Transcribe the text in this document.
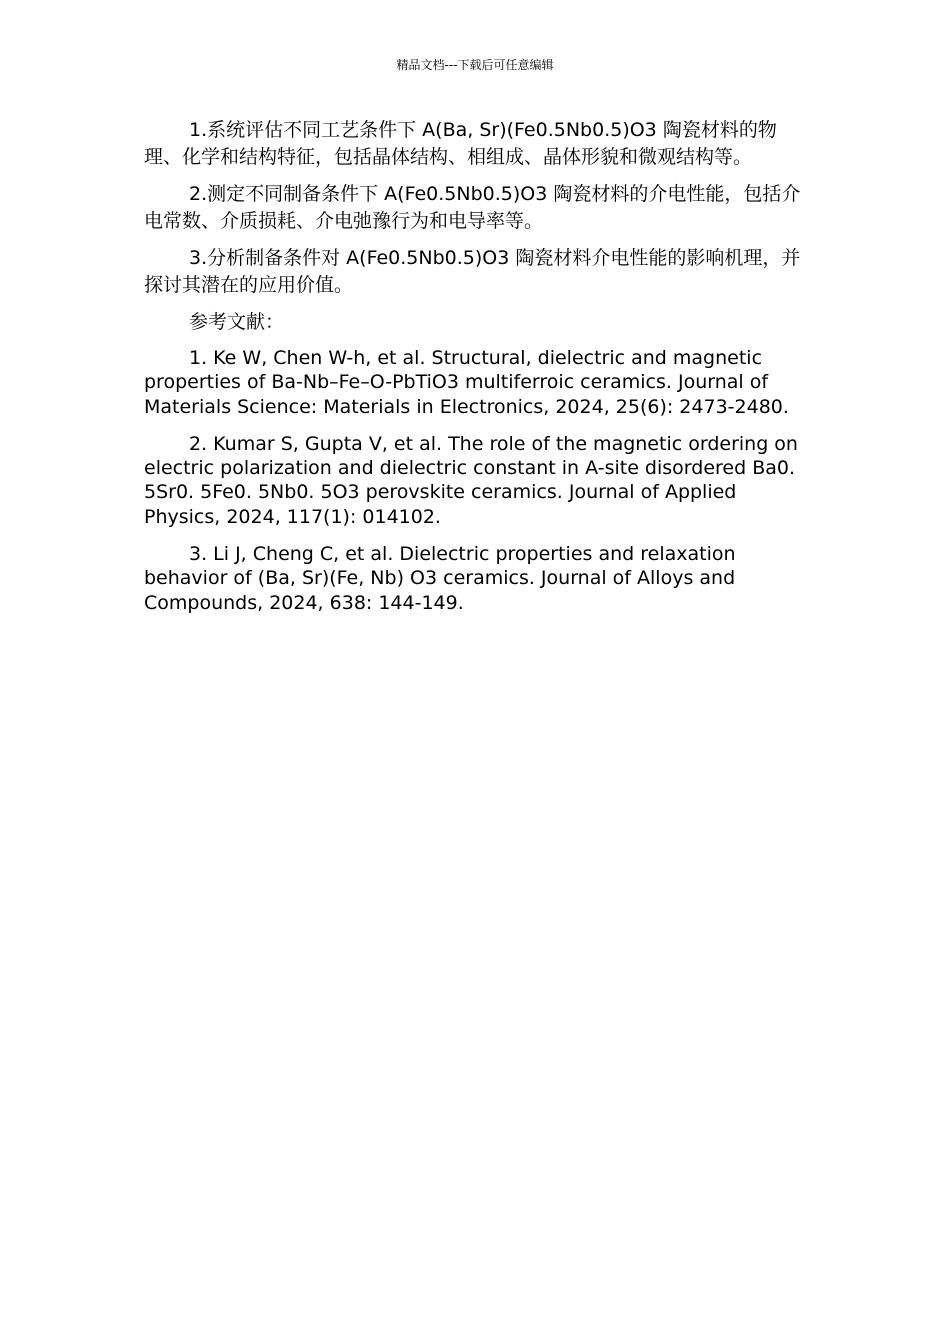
精品文档---下载后可任意编辑

1.系统评估不同工艺条件下 A(Ba, Sr)(Fe0.5Nb0.5)O3 陶瓷材料的物理、化学和结构特征，包括晶体结构、相组成、晶体形貌和微观结构等。

2.测定不同制备条件下 A(Fe0.5Nb0.5)O3 陶瓷材料的介电性能，包括介电常数、介质损耗、介电弛豫行为和电导率等。

3.分析制备条件对 A(Fe0.5Nb0.5)O3 陶瓷材料介电性能的影响机理，并探讨其潜在的应用价值。

参考文献：

1. Ke W, Chen W-h, et al. Structural, dielectric and magnetic properties of Ba-Nb–Fe–O-PbTiO3 multiferroic ceramics. Journal of Materials Science: Materials in Electronics, 2024, 25(6): 2473-2480.

2. Kumar S, Gupta V, et al. The role of the magnetic ordering on electric polarization and dielectric constant in A-site disordered Ba0. 5Sr0. 5Fe0. 5Nb0. 5O3 perovskite ceramics. Journal of Applied Physics, 2024, 117(1): 014102.

3. Li J, Cheng C, et al. Dielectric properties and relaxation behavior of (Ba, Sr)(Fe, Nb) O3 ceramics. Journal of Alloys and Compounds, 2024, 638: 144-149.
